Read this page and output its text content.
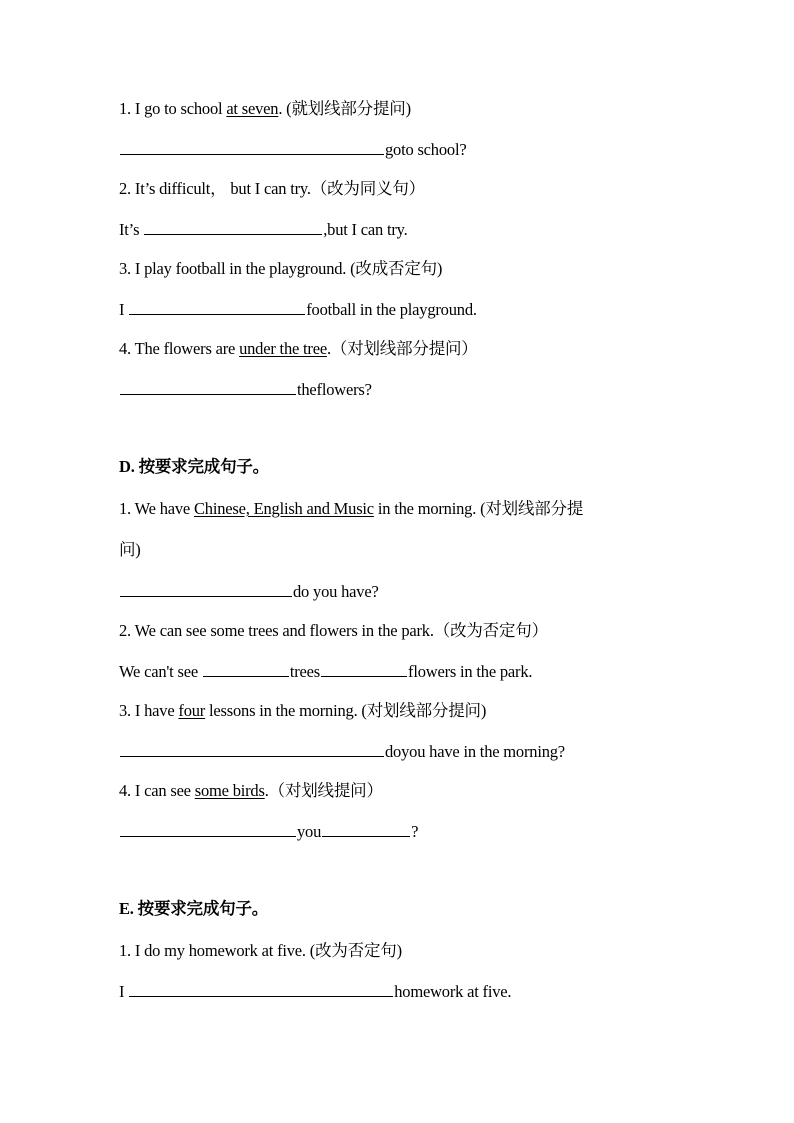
1. I go to school at seven. (就划线部分提问)
goto school?
2. It’s difficult， but I can try.（改为同义句）
It’s	,but I can try.
3. I play football in the playground. (改成否定句)
I	football in the playground.
4. The flowers are under the tree.（对划线部分提问）
theflowers?
D. 按要求完成句子。
1. We have Chinese, English and Music in the morning. (对划线部分提
问)
do you have?
2. We can see some trees and flowers in the park.（改为否定句）
We can't see	trees	flowers in the park.
3. I have four lessons in the morning. (对划线部分提问)
doyou have in the morning?
4. I can see some birds.（对划线提问）
you	?
E. 按要求完成句子。
1. I do my homework at five. (改为否定句)
I	homework at five.
